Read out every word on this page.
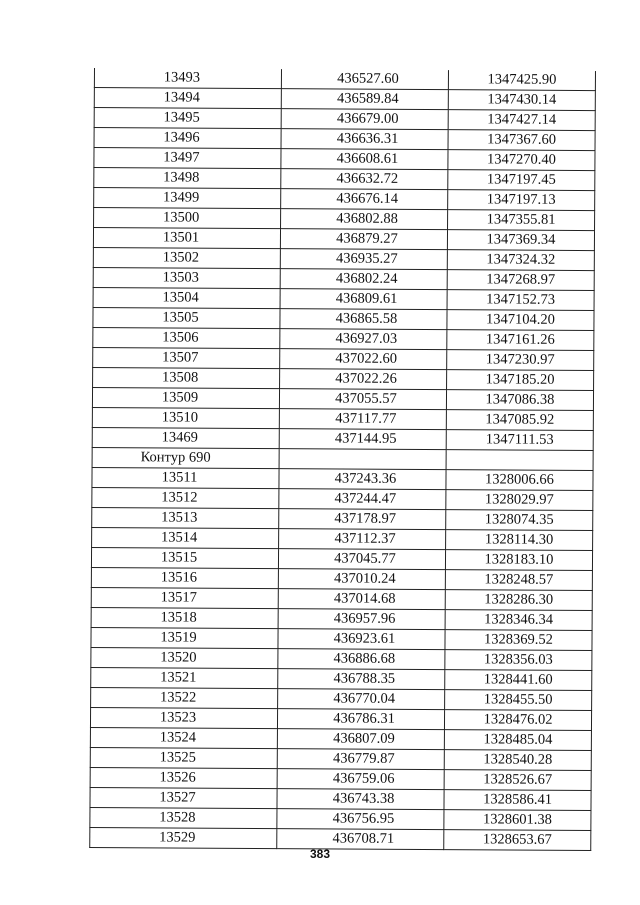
13493	436527.60	1347425.90
13494	436589.84	1347430.14
13495	436679.00	1347427.14
13496	436636.31	1347367.60
13497	436608.61	1347270.40
13498	436632.72	1347197.45
13499	436676.14	1347197.13
13500	436802.88	1347355.81
13501	436879.27	1347369.34
13502	436935.27	1347324.32
13503	436802.24	1347268.97
13504	436809.61	1347152.73
13505	436865.58	1347104.20
13506	436927.03	1347161.26
13507	437022.60	1347230.97
13508	437022.26	1347185.20
13509	437055.57	1347086.38
13510	437117.77	1347085.92
13469	437144.95	1347111.53
Контур 690		
13511	437243.36	1328006.66
13512	437244.47	1328029.97
13513	437178.97	1328074.35
13514	437112.37	1328114.30
13515	437045.77	1328183.10
13516	437010.24	1328248.57
13517	437014.68	1328286.30
13518	436957.96	1328346.34
13519	436923.61	1328369.52
13520	436886.68	1328356.03
13521	436788.35	1328441.60
13522	436770.04	1328455.50
13523	436786.31	1328476.02
13524	436807.09	1328485.04
13525	436779.87	1328540.28
13526	436759.06	1328526.67
13527	436743.38	1328586.41
13528	436756.95	1328601.38
13529	436708.71	1328653.67
383
